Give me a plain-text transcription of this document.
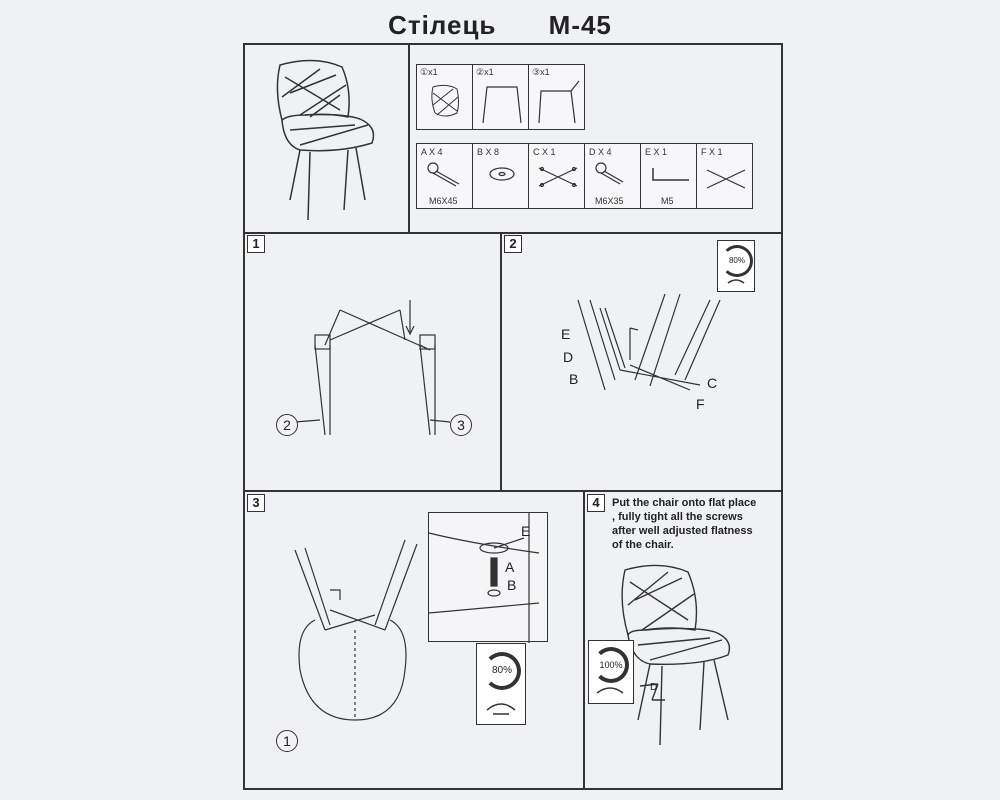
Стілець M-45
①x1	②x1	③x1
A X 4
M6X45
B X 8	C X 1	D X 4
M6X35
E X 1
M5
F X 1
1
2	3
2
80%
E
D
B	C
F
3
1
E
A
B
80%
4	Put the chair onto flat place , fully tight all the screws after well adjusted flatness of the chair.
100%
D
